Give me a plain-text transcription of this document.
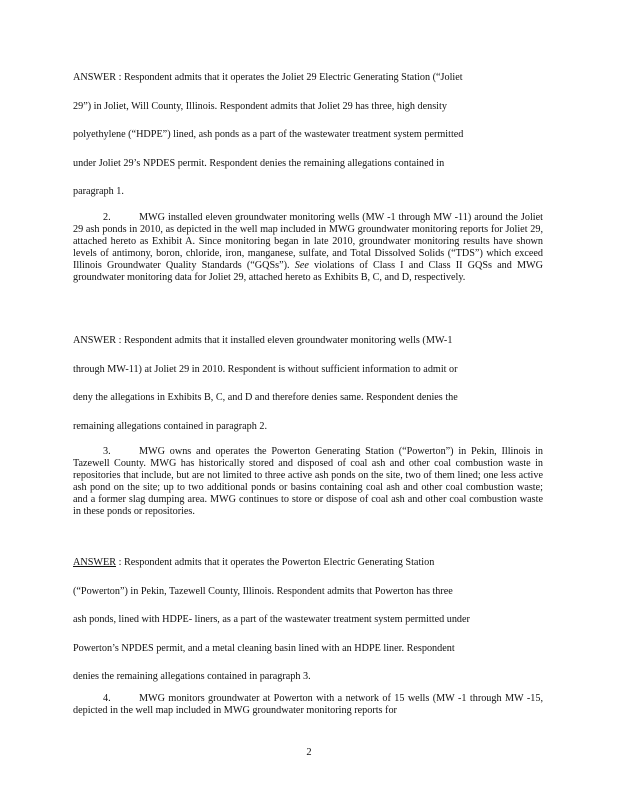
ANSWER : Respondent admits that it operates the Joliet 29 Electric Generating Station (“Joliet
29”) in Joliet, Will County, Illinois. Respondent admits that Joliet 29 has three, high density
polyethylene (“HDPE”) lined, ash ponds as a part of the wastewater treatment system permitted
under Joliet 29’s NPDES permit. Respondent denies the remaining allegations contained in
paragraph 1.
2.	MWG installed eleven groundwater monitoring wells (MW -1 through MW -11) around the Joliet 29 ash ponds in 2010, as depicted in the well map included in MWG groundwater monitoring reports for Joliet 29, attached hereto as Exhibit A. Since monitoring began in late 2010, groundwater monitoring results have shown levels of antimony, boron, chloride, iron, manganese, sulfate, and Total Dissolved Solids (“TDS”) which exceed Illinois Groundwater Quality Standards (“GQSs”). See violations of Class I and Class II GQSs and MWG groundwater monitoring data for Joliet 29, attached hereto as Exhibits B, C, and D, respectively.
ANSWER : Respondent admits that it installed eleven groundwater monitoring wells (MW-1
through MW-11) at Joliet 29 in 2010. Respondent is without sufficient information to admit or
deny the allegations in Exhibits B, C, and D and therefore denies same. Respondent denies the
remaining allegations contained in paragraph 2.
3.	MWG owns and operates the Powerton Generating Station (“Powerton”) in Pekin, Illinois in Tazewell County. MWG has historically stored and disposed of coal ash and other coal combustion waste in repositories that include, but are not limited to three active ash ponds on the site, two of them lined; one less active ash pond on the site; up to two additional ponds or basins containing coal ash and other coal combustion waste; and a former slag dumping area. MWG continues to store or dispose of coal ash and other coal combustion waste in these ponds or repositories.
ANSWER : Respondent admits that it operates the Powerton Electric Generating Station
(“Powerton”) in Pekin, Tazewell County, Illinois. Respondent admits that Powerton has three
ash ponds, lined with HDPE- liners, as a part of the wastewater treatment system permitted under
Powerton’s NPDES permit, and a metal cleaning basin lined with an HDPE liner. Respondent
denies the remaining allegations contained in paragraph 3.
4.	MWG monitors groundwater at Powerton with a network of 15 wells (MW -1 through MW -15, depicted in the well map included in MWG groundwater monitoring reports for
2
